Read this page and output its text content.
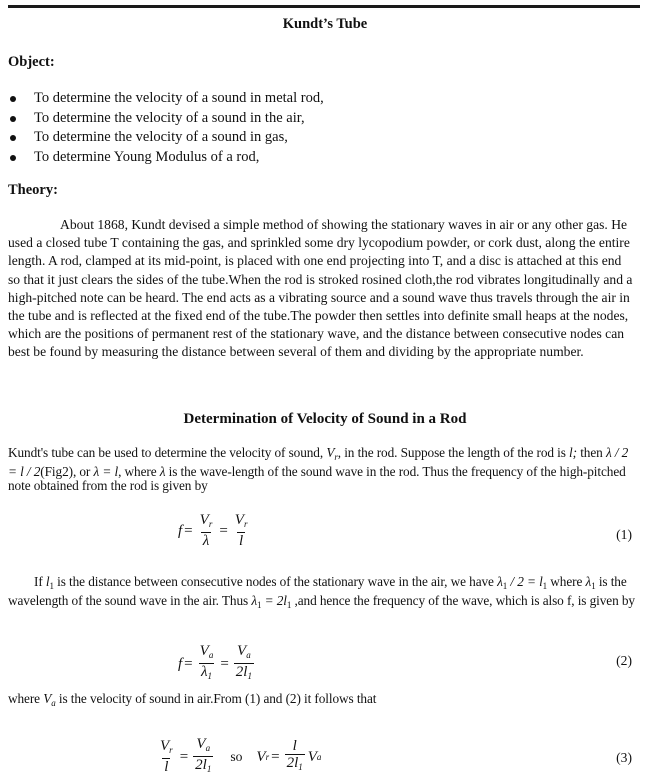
Kundt’s Tube
Object:
To determine the velocity of a sound in metal rod,
To determine the velocity of a sound in the air,
To determine the velocity of a sound in gas,
To determine Young Modulus of a rod,
Theory:
About 1868, Kundt devised a simple method of showing the stationary waves in air or any other gas. He used a closed tube T containing the gas, and sprinkled some dry lycopodium powder, or cork dust, along the entire length. A rod, clamped at its mid-point, is placed with one end projecting into T, and a disc is attached at this end so that it just clears the sides of the tube.When the rod is stroked rosined cloth,the rod vibrates longitudinally and a high-pitched note can be heard. The end acts as a vibrating source and a sound wave thus travels through the air in the tube and is reflected at the fixed end of the tube.The powder then settles into definite small heaps at the nodes, which are the positions of permanent rest of the stationary wave, and the distance between consecutive nodes can best be found by measuring the distance between several of them and dividing by the appropriate number.
Determination of Velocity of Sound in a Rod
Kundt's tube can be used to determine the velocity of sound, $V_r$, in the rod. Suppose the length of the rod is l; then λ / 2 = l / 2(Fig2), or λ = l, where λ is the wave-length of the sound wave in the rod. Thus the frequency of the high-pitched note obtained from the rod is given by
$f = \frac{V_r}{\lambda} = \frac{V_r}{l}$	(1)
If $l_1$ is the distance between consecutive nodes of the stationary wave in the air, we have $\lambda_1 / 2 = l_1$ where $\lambda_1$ is the wavelength of the sound wave in the air. Thus $\lambda_1 = 2l_1$ ,and hence the frequency of the wave, which is also f, is given by
$f = \frac{V_a}{\lambda_1} = \frac{V_a}{2l_1}$	(2)
where $V_a$ is the velocity of sound in air.From (1) and (2) it follows that
$\frac{V_r}{l} = \frac{V_a}{2l_1}$ so V $r = \frac{l}{2l_1}$ V a	(3)
